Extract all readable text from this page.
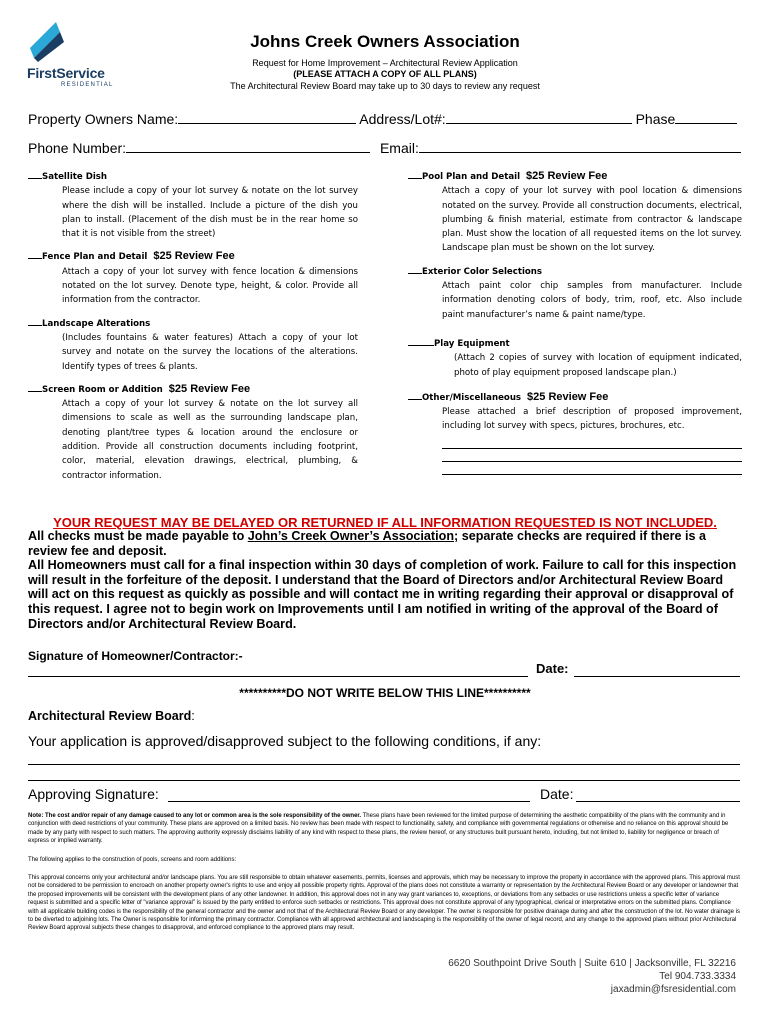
FirstService
RESIDENTIAL
Johns Creek Owners Association
Request for Home Improvement – Architectural Review Application
(PLEASE ATTACH A COPY OF ALL PLANS)
The Architectural Review Board may take up to 30 days to review any request
Property Owners Name:	Address/Lot#:	Phase
Phone Number:	Email:
Satellite Dish
Please include a copy of your lot survey & notate on the lot survey where the dish will be installed. Include a picture of the dish you plan to install. (Placement of the dish must be in the rear home so that it is not visible from the street)
Fence Plan and Detail $25 Review Fee
Attach a copy of your lot survey with fence location & dimensions notated on the lot survey. Denote type, height, & color. Provide all information from the contractor.
Landscape Alterations
(Includes fountains & water features) Attach a copy of your lot survey and notate on the survey the locations of the alterations. Identify types of trees & plants.
Screen Room or Addition $25 Review Fee
Attach a copy of your lot survey & notate on the lot survey all dimensions to scale as well as the surrounding landscape plan, denoting plant/tree types & location around the enclosure or addition. Provide all construction documents including footprint, color, material, elevation drawings, electrical, plumbing, & contractor information.
Pool Plan and Detail $25 Review Fee
Attach a copy of your lot survey with pool location & dimensions notated on the survey. Provide all construction documents, electrical, plumbing & finish material, estimate from contractor & landscape plan. Must show the location of all requested items on the lot survey. Landscape plan must be shown on the lot survey.
Exterior Color Selections
Attach paint color chip samples from manufacturer. Include information denoting colors of body, trim, roof, etc. Also include paint manufacturer’s name & paint name/type.
Play Equipment
(Attach 2 copies of survey with location of equipment indicated, photo of play equipment proposed landscape plan.)
Other/Miscellaneous $25 Review Fee
Please attached a brief description of proposed improvement, including lot survey with specs, pictures, brochures, etc.
YOUR REQUEST MAY BE DELAYED OR RETURNED IF ALL INFORMATION REQUESTED IS NOT INCLUDED.
All checks must be made payable to John’s Creek Owner’s Association; separate checks are required if there is a review fee and deposit.
All Homeowners must call for a final inspection within 30 days of completion of work. Failure to call for this inspection will result in the forfeiture of the deposit. I understand that the Board of Directors and/or Architectural Review Board will act on this request as quickly as possible and will contact me in writing regarding their approval or disapproval of this request. I agree not to begin work on Improvements until I am notified in writing of the approval of the Board of Directors and/or Architectural Review Board.
Signature of Homeowner/Contractor:-
Date:
**********DO NOT WRITE BELOW THIS LINE**********
Architectural Review Board:
Your application is approved/disapproved subject to the following conditions, if any:
Approving Signature:	Date:
Note: The cost and/or repair of any damage caused to any lot or common area is the sole responsibility of the owner. These plans have been reviewed for the limited purpose of determining the aesthetic compatibility of the plans with the community and in conjunction with deed restrictions of your community. These plans are approved on a limited basis. No review has been made with respect to functionality, safety, and compliance with governmental regulations or otherwise and no reliance on this approval should be made by any party with respect to such matters. The approving authority expressly disclaims liability of any kind with respect to these plans, the review hereof, or any structures built pursuant hereto, including, but not limited to, liability for negligence or breach of express or implied warranty.
The following applies to the construction of pools, screens and room additions:
This approval concerns only your architectural and/or landscape plans. You are still responsible to obtain whatever easements, permits, licenses and approvals, which may be necessary to improve the property in accordance with the approved plans. This approval must not be considered to be permission to encroach on another property owner's rights to use and enjoy all possible property rights. Approval of the plans does not constitute a warranty or representation by the Architectural Review Board or any developer or landowner that the proposed improvements will be consistent with the development plans of any other landowner. In addition, this approval does not in any way grant variances to, exceptions, or deviations from any setbacks or use restrictions unless a specific letter of variance request is submitted and a specific letter of "variance approval" is issued by the party entitled to enforce such setbacks or restrictions. This approval does not constitute approval of any typographical, clerical or interpretative errors on the submitted plans. Compliance with all applicable building codes is the responsibility of the general contractor and the owner and not that of the Architectural Review Board or any developer. The owner is responsible for positive drainage during and after the construction of the lot. No water drainage is to be diverted to adjoining lots. The Owner is responsible for informing the primary contractor. Compliance with all approved architectural and landscaping is the responsibility of the owner of legal record, and any change to the approved plans without prior Architectural Review Board approval subjects these changes to disapproval, and enforced compliance to the approved plans may result.
6620 Southpoint Drive South | Suite 610 | Jacksonville, FL 32216
Tel 904.733.3334
jaxadmin@fsresidential.com
